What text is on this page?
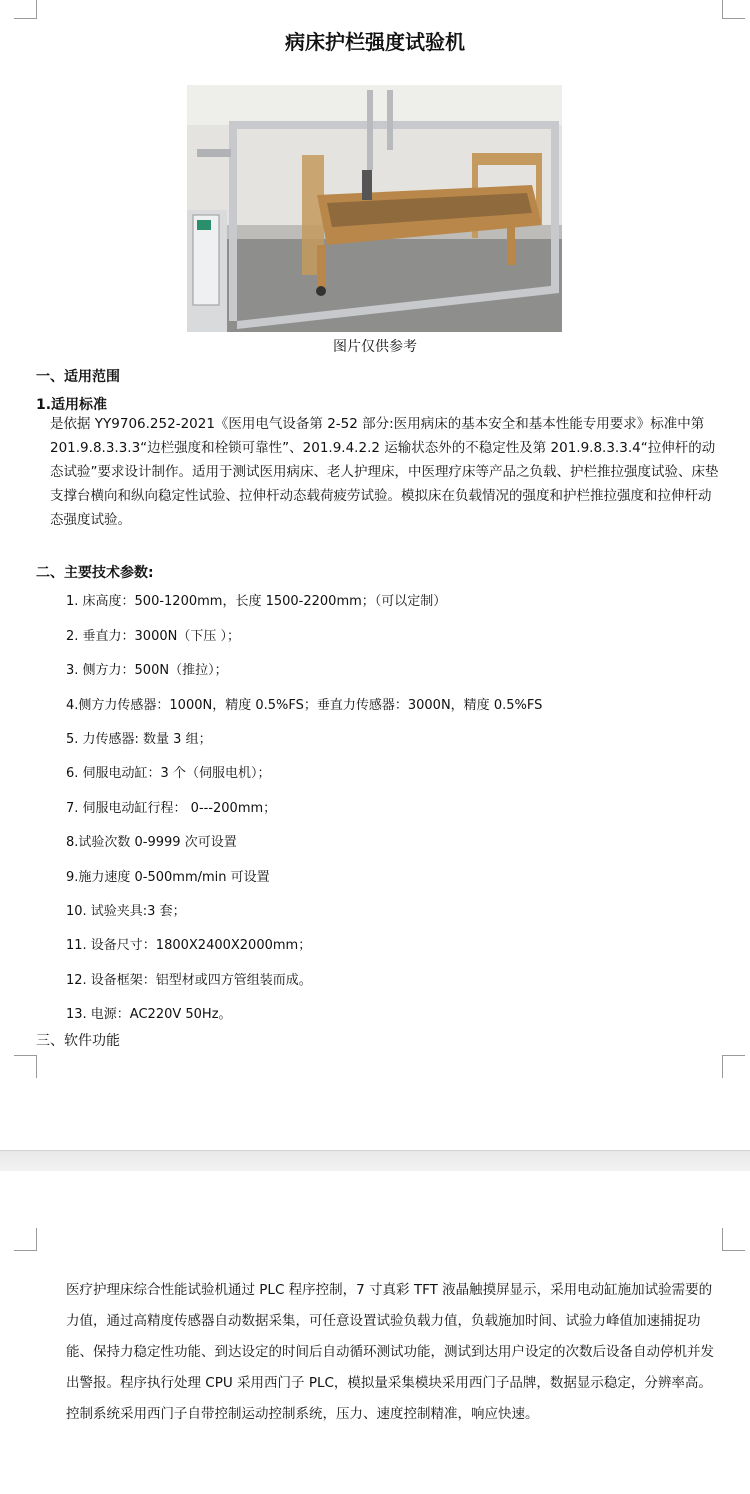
病床护栏强度试验机
图片仅供参考
一、适用范围
1.适用标准
是依据 YY9706.252-2021《医用电气设备第 2-52 部分:医用病床的基本安全和基本性能专用要求》标准中第 201.9.8.3.3.3“边栏强度和栓锁可靠性”、201.9.4.2.2 运输状态外的不稳定性及第 201.9.8.3.3.4“拉伸杆的动态试验”要求设计制作。适用于测试医用病床、老人护理床，中医理疗床等产品之负载、护栏推拉强度试验、床垫支撑台横向和纵向稳定性试验、拉伸杆动态载荷疲劳试验。模拟床在负载情况的强度和护栏推拉强度和拉伸杆动态强度试验。
二、主要技术参数:
1. 床高度：500-1200mm，长度 1500-2200mm；（可以定制）
2. 垂直力：3000N（下压 ）；
3. 侧方力：500N（推拉）；
4.侧方力传感器：1000N，精度 0.5%FS；垂直力传感器：3000N，精度 0.5%FS
5. 力传感器: 数量 3 组；
6. 伺服电动缸：3 个（伺服电机）；
7. 伺服电动缸行程： 0---200mm；
8.试验次数 0-9999 次可设置
9.施力速度 0-500mm/min 可设置
10. 试验夹具:3 套；
11. 设备尺寸：1800X2400X2000mm；
12. 设备框架：铝型材或四方管组装而成。
13. 电源：AC220V 50Hz。
三、软件功能
医疗护理床综合性能试验机通过 PLC 程序控制，7 寸真彩 TFT 液晶触摸屏显示，采用电动缸施加试验需要的力值，通过高精度传感器自动数据采集，可任意设置试验负载力值，负载施加时间、试验力峰值加速捕捉功能、保持力稳定性功能、到达设定的时间后自动循环测试功能，测试到达用户设定的次数后设备自动停机并发出警报。程序执行处理 CPU 采用西门子 PLC，模拟量采集模块采用西门子品牌，数据显示稳定，分辨率高。控制系统采用西门子自带控制运动控制系统，压力、速度控制精准，响应快速。
